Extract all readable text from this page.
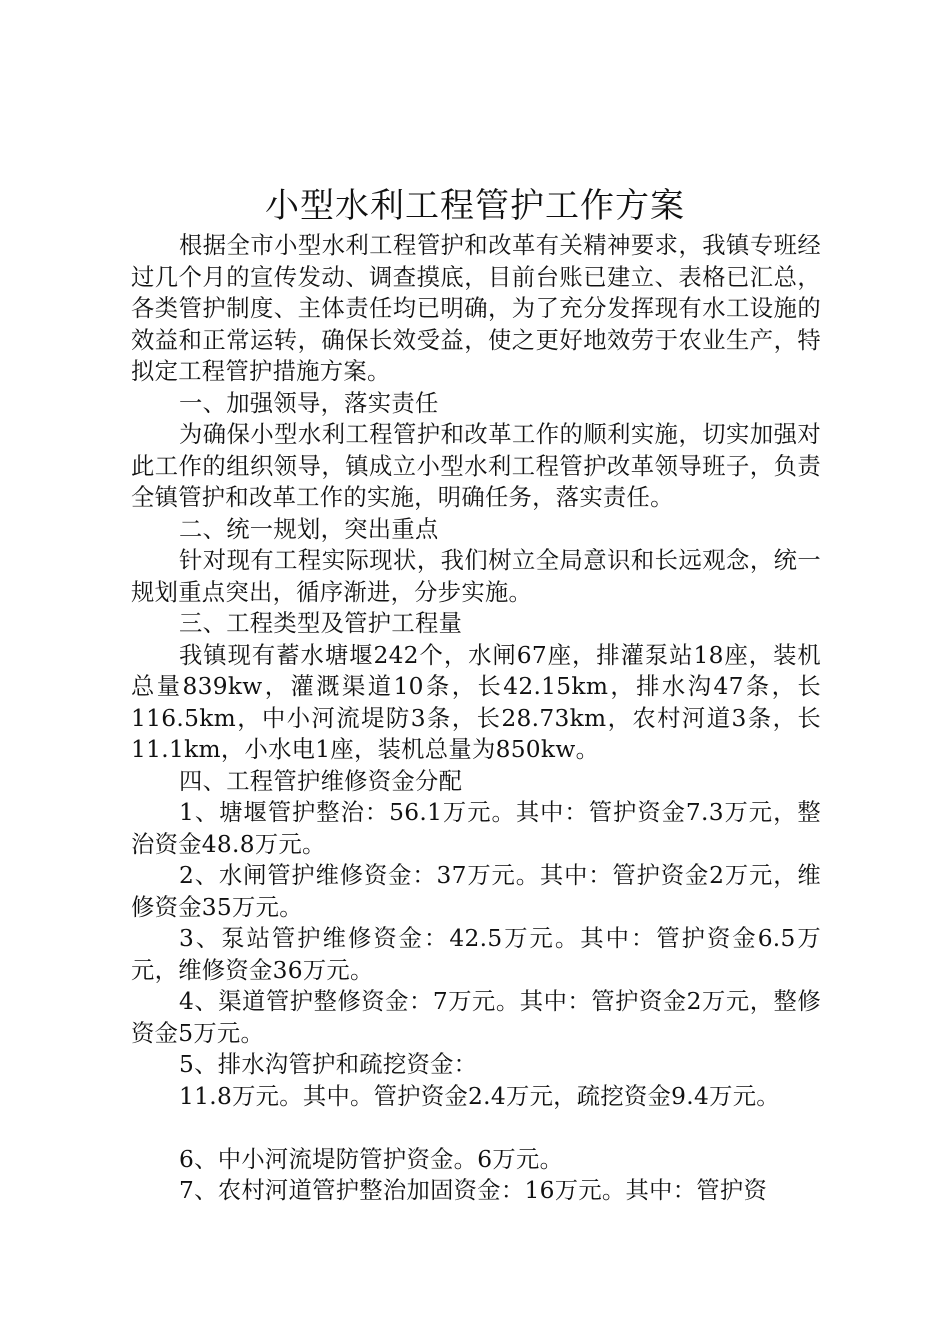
小型水利工程管护工作方案

根据全市小型水利工程管护和改革有关精神要求，我镇专班经过几个月的宣传发动、调查摸底，目前台账已建立、表格已汇总，各类管护制度、主体责任均已明确，为了充分发挥现有水工设施的效益和正常运转，确保长效受益，使之更好地效劳于农业生产，特拟定工程管护措施方案。

一、加强领导，落实责任

为确保小型水利工程管护和改革工作的顺利实施，切实加强对此工作的组织领导，镇成立小型水利工程管护改革领导班子，负责全镇管护和改革工作的实施，明确任务，落实责任。

二、统一规划，突出重点

针对现有工程实际现状，我们树立全局意识和长远观念，统一规划重点突出，循序渐进，分步实施。

三、工程类型及管护工程量

我镇现有蓄水塘堰242个，水闸67座，排灌泵站18座，装机总量839kw，灌溉渠道10条，长42.15km，排水沟47条，长116.5km，中小河流堤防3条，长28.73km，农村河道3条，长11.1km，小水电1座，装机总量为850kw。

四、工程管护维修资金分配

1、塘堰管护整治：56.1万元。其中：管护资金7.3万元，整治资金48.8万元。

2、水闸管护维修资金：37万元。其中：管护资金2万元，维修资金35万元。

3、泵站管护维修资金：42.5万元。其中：管护资金6.5万元，维修资金36万元。

4、渠道管护整修资金：7万元。其中：管护资金2万元，整修资金5万元。

5、排水沟管护和疏挖资金：

11.8万元。其中。管护资金2.4万元，疏挖资金9.4万元。

6、中小河流堤防管护资金。6万元。

7、农村河道管护整治加固资金：16万元。其中：管护资
